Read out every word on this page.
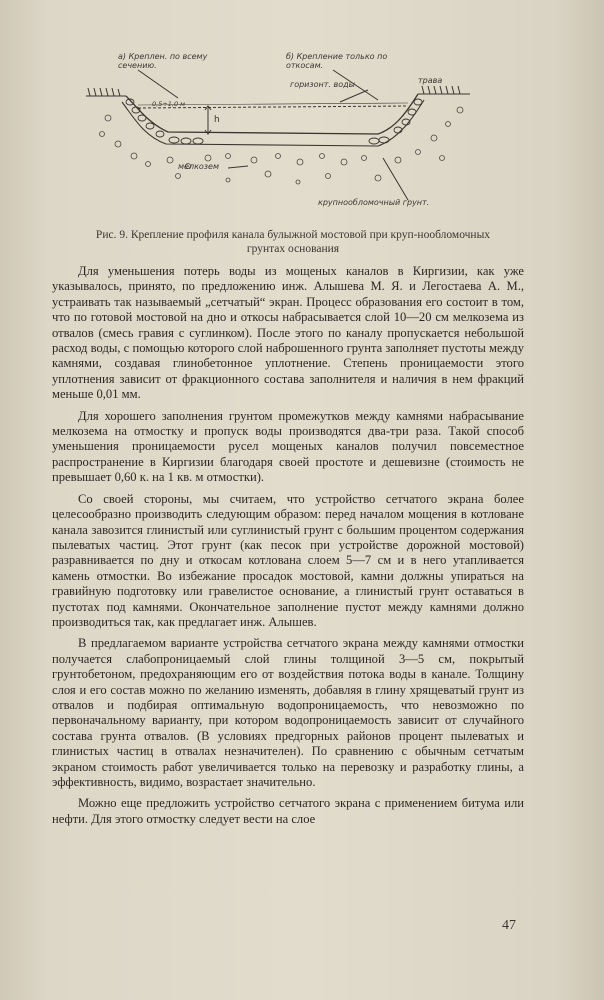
а) Креплен. по всему сечению.
б) Крепление только по откосам.
трава
горизонт. воды
h
0,5÷1,0 м
мелкозем
крупнообломочный грунт.
Рис. 9. Крепление профиля канала булыжной мостовой при круп-нообломочных грунтах основания

Для уменьшения потерь воды из мощеных каналов в Киргизии, как уже указывалось, принято, по предложению инж. Алышева М. Я. и Легостаева А. М., устраивать так называемый „сетчатый“ экран. Процесс образования его состоит в том, что по готовой мостовой на дно и откосы набрасывается слой 10—20 см мелкозема из отвалов (смесь гравия с суглинком). После этого по каналу пропускается небольшой расход воды, с помощью которого слой наброшенного грунта заполняет пустоты между камнями, создавая глинобетонное уплотнение. Степень проницаемости этого уплотнения зависит от фракционного состава заполнителя и наличия в нем фракций меньше 0,01 мм.

Для хорошего заполнения грунтом промежутков между камнями набрасывание мелкозема на отмостку и пропуск воды производятся два-три раза. Такой способ уменьшения проницаемости русел мощеных каналов получил повсеместное распространение в Киргизии благодаря своей простоте и дешевизне (стоимость не превышает 0,60 к. на 1 кв. м отмостки).

Со своей стороны, мы считаем, что устройство сетчатого экрана более целесообразно производить следующим образом: перед началом мощения в котловане канала завозится глинистый или суглинистый грунт с большим процентом содержания пылеватых частиц. Этот грунт (как песок при устройстве дорожной мостовой) разравнивается по дну и откосам котлована слоем 5—7 см и в него утапливается камень отмостки. Во избежание просадок мостовой, камни должны упираться на гравийную подготовку или гравелистое основание, а глинистый грунт оставаться в пустотах под камнями. Окончательное заполнение пустот между камнями должно производиться так, как предлагает инж. Алышев.

В предлагаемом варианте устройства сетчатого экрана между камнями отмостки получается слабопроницаемый слой глины толщиной 3—5 см, покрытый грунтобетоном, предохраняющим его от воздействия потока воды в канале. Толщину слоя и его состав можно по желанию изменять, добавляя в глину хрящеватый грунт из отвалов и подбирая оптимальную водопроницаемость, что невозможно по первоначальному варианту, при котором водопроницаемость зависит от случайного состава грунта отвалов. (В условиях предгорных районов процент пылеватых и глинистых частиц в отвалах незначителен). По сравнению с обычным сетчатым экраном стоимость работ увеличивается только на перевозку и разработку глины, а эффективность, видимо, возрастает значительно.

Можно еще предложить устройство сетчатого экрана с применением битума или нефти. Для этого отмостку следует вести на слое

47
